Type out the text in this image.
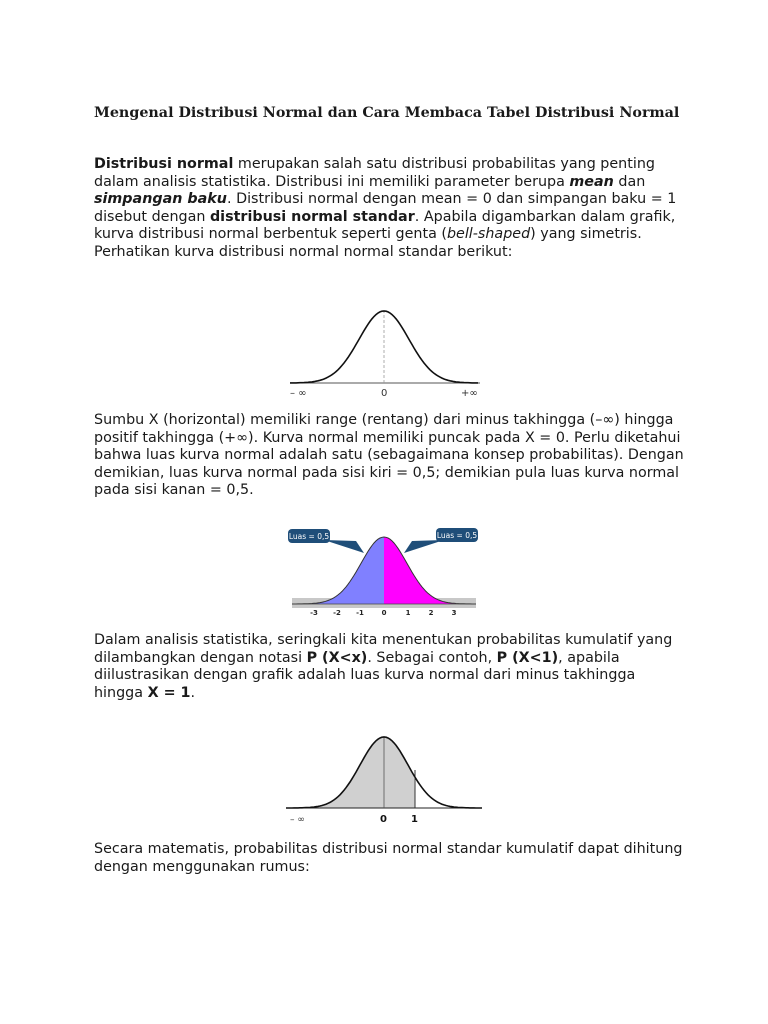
Mengenal Distribusi Normal dan Cara Membaca Tabel Distribusi Normal

Distribusi normal merupakan salah satu distribusi probabilitas yang penting dalam analisis statistika. Distribusi ini memiliki parameter berupa mean dan simpangan baku. Distribusi normal dengan mean = 0 dan simpangan baku = 1 disebut dengan distribusi normal standar. Apabila digambarkan dalam grafik, kurva distribusi normal berbentuk seperti genta (bell-shaped) yang simetris. Perhatikan kurva distribusi normal normal standar berikut:

– ∞	0	+∞

Sumbu X (horizontal) memiliki range (rentang) dari minus takhingga (–∞) hingga positif takhingga (+∞). Kurva normal memiliki puncak pada X = 0. Perlu diketahui bahwa luas kurva normal adalah satu (sebagaimana konsep probabilitas). Dengan demikian, luas kurva normal pada sisi kiri = 0,5; demikian pula luas kurva normal pada sisi kanan = 0,5.

Luas = 0,5	Luas = 0,5
-3 -2 -1	0	1	2	3

Dalam analisis statistika, seringkali kita menentukan probabilitas kumulatif yang dilambangkan dengan notasi P (X<x). Sebagai contoh, P (X<1), apabila diilustrasikan dengan grafik adalah luas kurva normal dari minus takhingga hingga X = 1.

– ∞	0 1

Secara matematis, probabilitas distribusi normal standar kumulatif dapat dihitung dengan menggunakan rumus:
